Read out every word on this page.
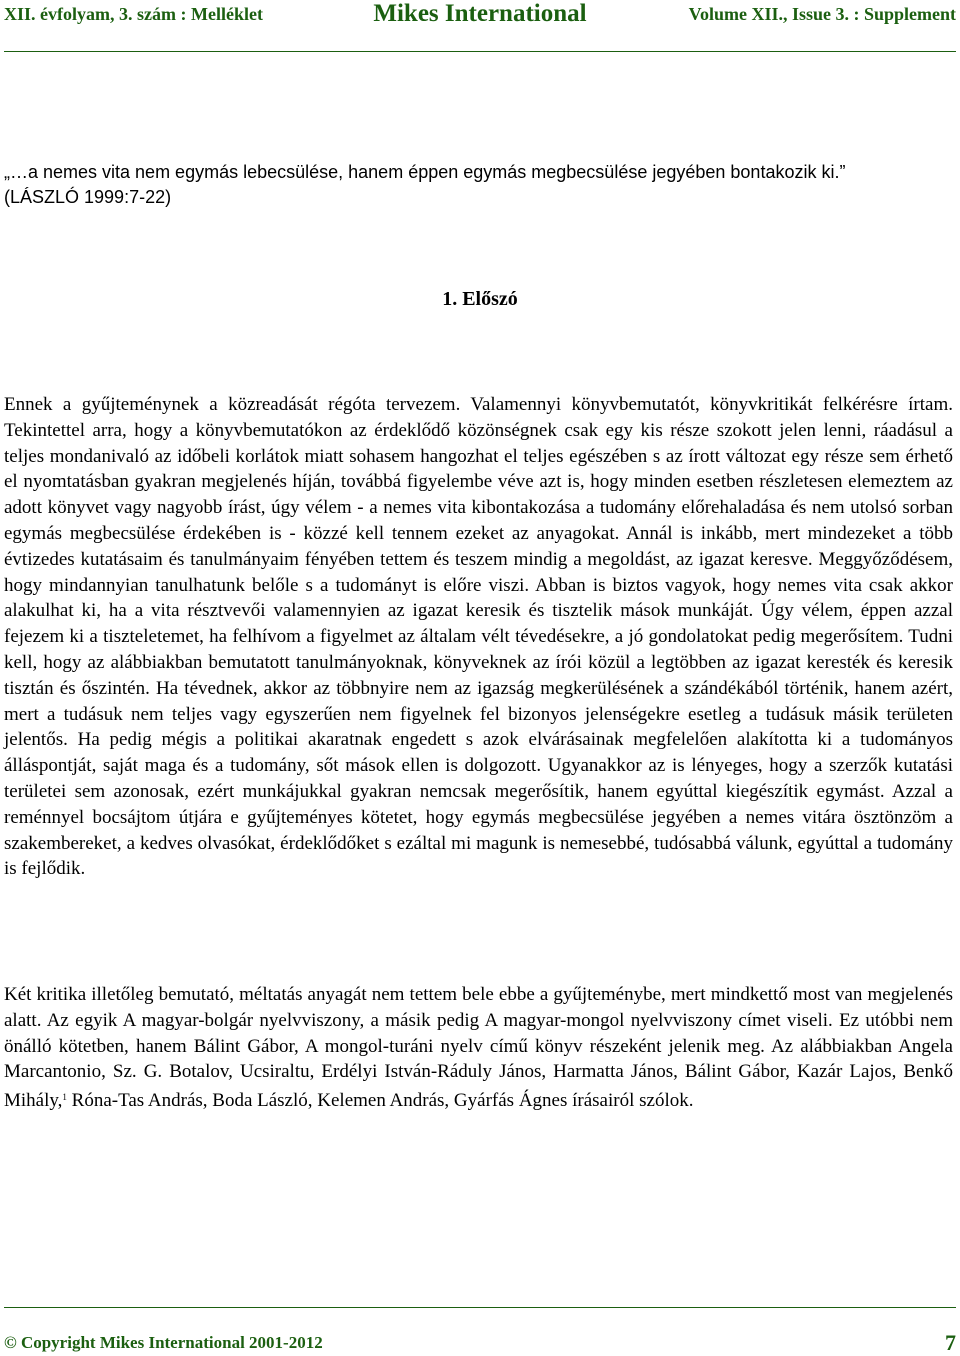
XII. évfolyam, 3. szám : Melléklet	Mikes International	Volume XII., Issue 3. : Supplement
„…a nemes vita nem egymás lebecsülése, hanem éppen egymás megbecsülése jegyében bontakozik ki.”
(LÁSZLÓ 1999:7-22)
1. Előszó

Ennek a gyűjteménynek a közreadását régóta tervezem. Valamennyi könyvbemutatót, könyvkritikát felkérésre írtam. Tekintettel arra, hogy a könyvbemutatókon az érdeklődő közönségnek csak egy kis része szokott jelen lenni, ráadásul a teljes mondanivaló az időbeli korlátok miatt sohasem hangozhat el teljes egészében s az írott változat egy része sem érhető el nyomtatásban gyakran megjelenés híján, továbbá figyelembe véve azt is, hogy minden esetben részletesen elemeztem az adott könyvet vagy nagyobb írást, úgy vélem - a nemes vita kibontakozása a tudomány előrehaladása és nem utolsó sorban egymás megbecsülése érdekében is - közzé kell tennem ezeket az anyagokat. Annál is inkább, mert mindezeket a több évtizedes kutatásaim és tanulmányaim fényében tettem és teszem mindig a megoldást, az igazat keresve. Meggyőződésem, hogy mindannyian tanulhatunk belőle s a tudományt is előre viszi. Abban is biztos vagyok, hogy nemes vita csak akkor alakulhat ki, ha a vita résztvevői valamennyien az igazat keresik és tisztelik mások munkáját. Úgy vélem, éppen azzal fejezem ki a tiszteletemet, ha felhívom a figyelmet az általam vélt tévedésekre, a jó gondolatokat pedig megerősítem. Tudni kell, hogy az alábbiakban bemutatott tanulmányoknak, könyveknek az írói közül a legtöbben az igazat keresték és keresik tisztán és őszintén. Ha tévednek, akkor az többnyire nem az igazság megkerülésének a szándékából történik, hanem azért, mert a tudásuk nem teljes vagy egyszerűen nem figyelnek fel bizonyos jelenségekre esetleg a tudásuk másik területen jelentős. Ha pedig mégis a politikai akaratnak engedett s azok elvárásainak megfelelően alakította ki a tudományos álláspontját, saját maga és a tudomány, sőt mások ellen is dolgozott. Ugyanakkor az is lényeges, hogy a szerzők kutatási területei sem azonosak, ezért munkájukkal gyakran nemcsak megerősítik, hanem egyúttal kiegészítik egymást. Azzal a reménnyel bocsájtom útjára e gyűjteményes kötetet, hogy egymás megbecsülése jegyében a nemes vitára ösztönzöm a szakembereket, a kedves olvasókat, érdeklődőket s ezáltal mi magunk is nemesebbé, tudósabbá válunk, egyúttal a tudomány is fejlődik.

Két kritika illetőleg bemutató, méltatás anyagát nem tettem bele ebbe a gyűjteménybe, mert mindkettő most van megjelenés alatt. Az egyik A magyar-bolgár nyelvviszony, a másik pedig A magyar-mongol nyelvviszony címet viseli. Ez utóbbi nem önálló kötetben, hanem Bálint Gábor, A mongol-turáni nyelv című könyv részeként jelenik meg. Az alábbiakban Angela Marcantonio, Sz. G. Botalov, Ucsiraltu, Erdélyi István-Ráduly János, Harmatta János, Bálint Gábor, Kazár Lajos, Benkő Mihály,$^1$ Róna-Tas András, Boda László, Kelemen András, Gyárfás Ágnes írásairól szólok.

© Copyright Mikes International 2001-2012	7
